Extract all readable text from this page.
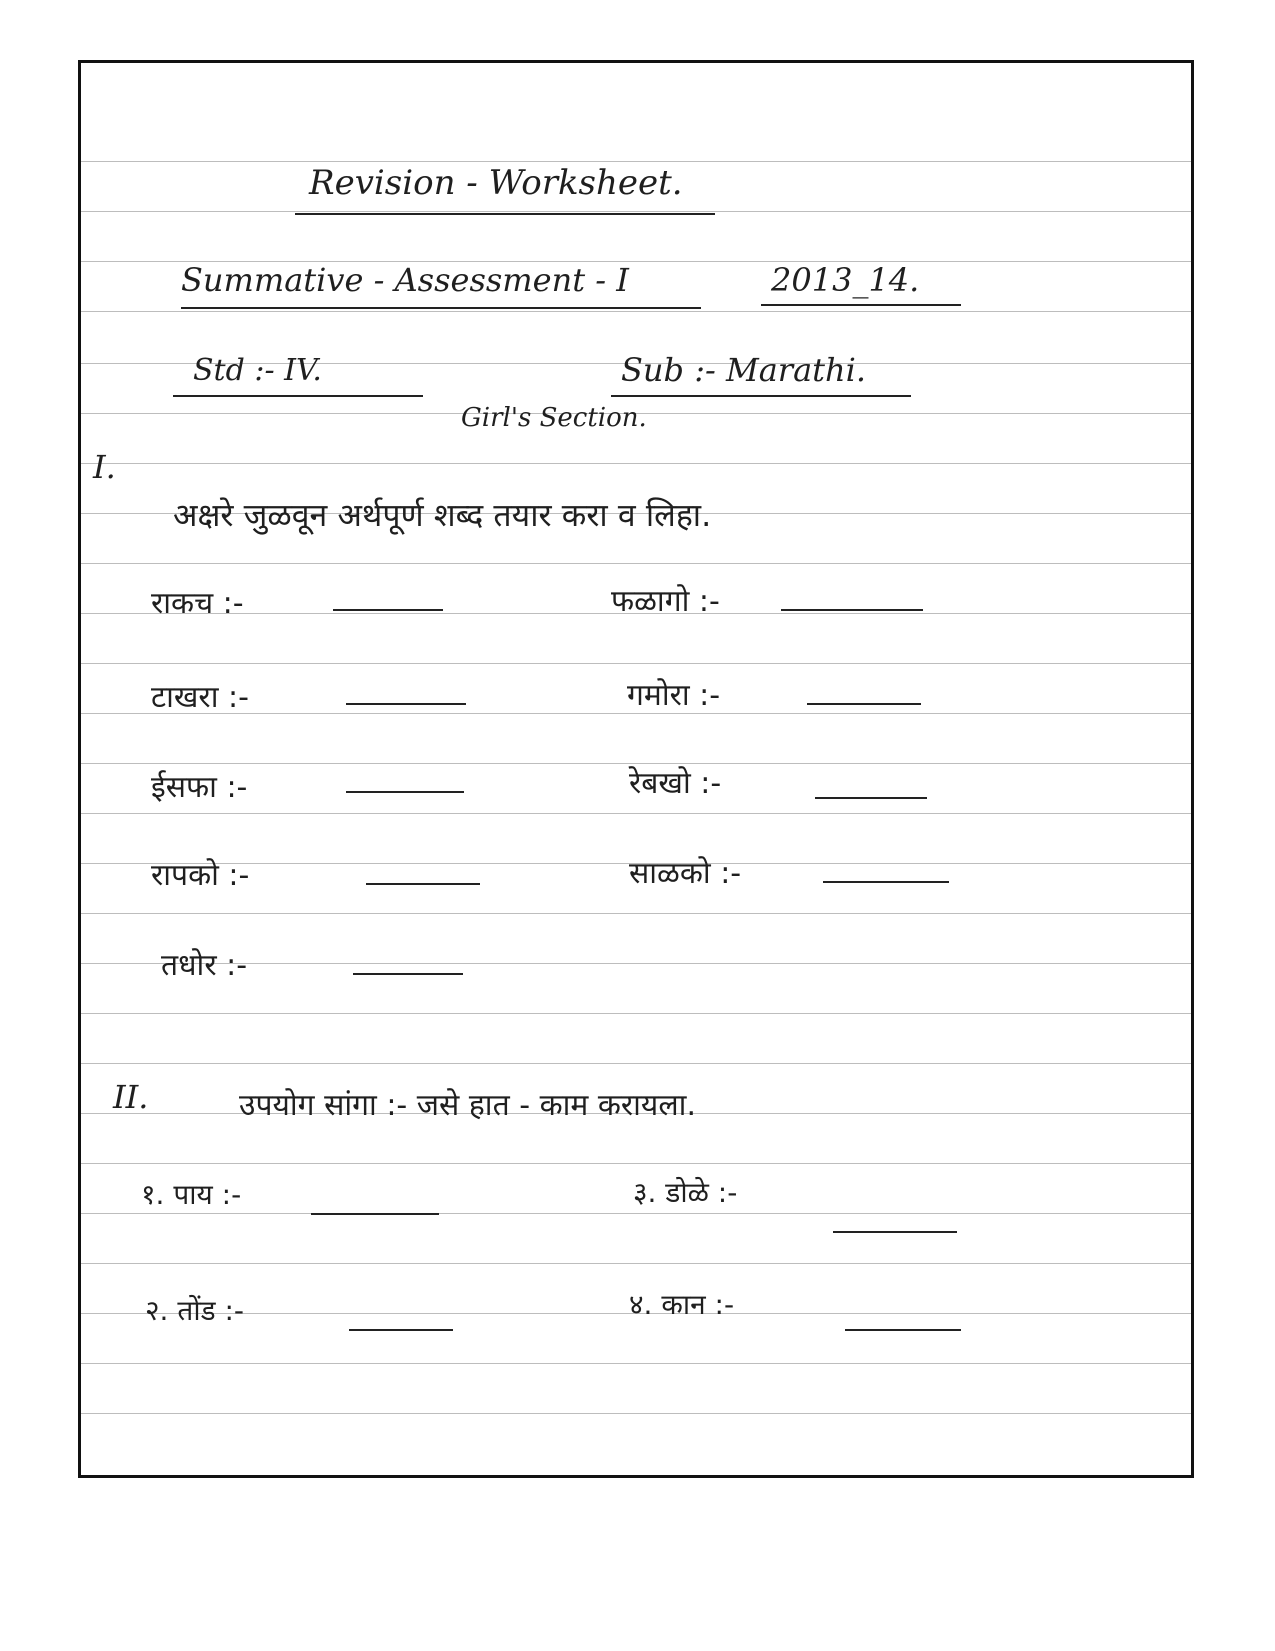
Revision - Worksheet.
Summative - Assessment - I	2013_14.
Std :- IV.	Sub :- Marathi.
Girl's Section.
I.
अक्षरे जुळवून अर्थपूर्ण शब्द तयार करा व लिहा.
राकच :-	फळागो :-
टाखरा :-	गमोरा :-
ईसफा :-	रेबखो :-
रापको :-	साळको :-
तधोर :-
II.	उपयोग सांगा :- जसे हात - काम करायला.
१. पाय :-	३. डोळे :-
२. तोंड :-	४. कान :-
